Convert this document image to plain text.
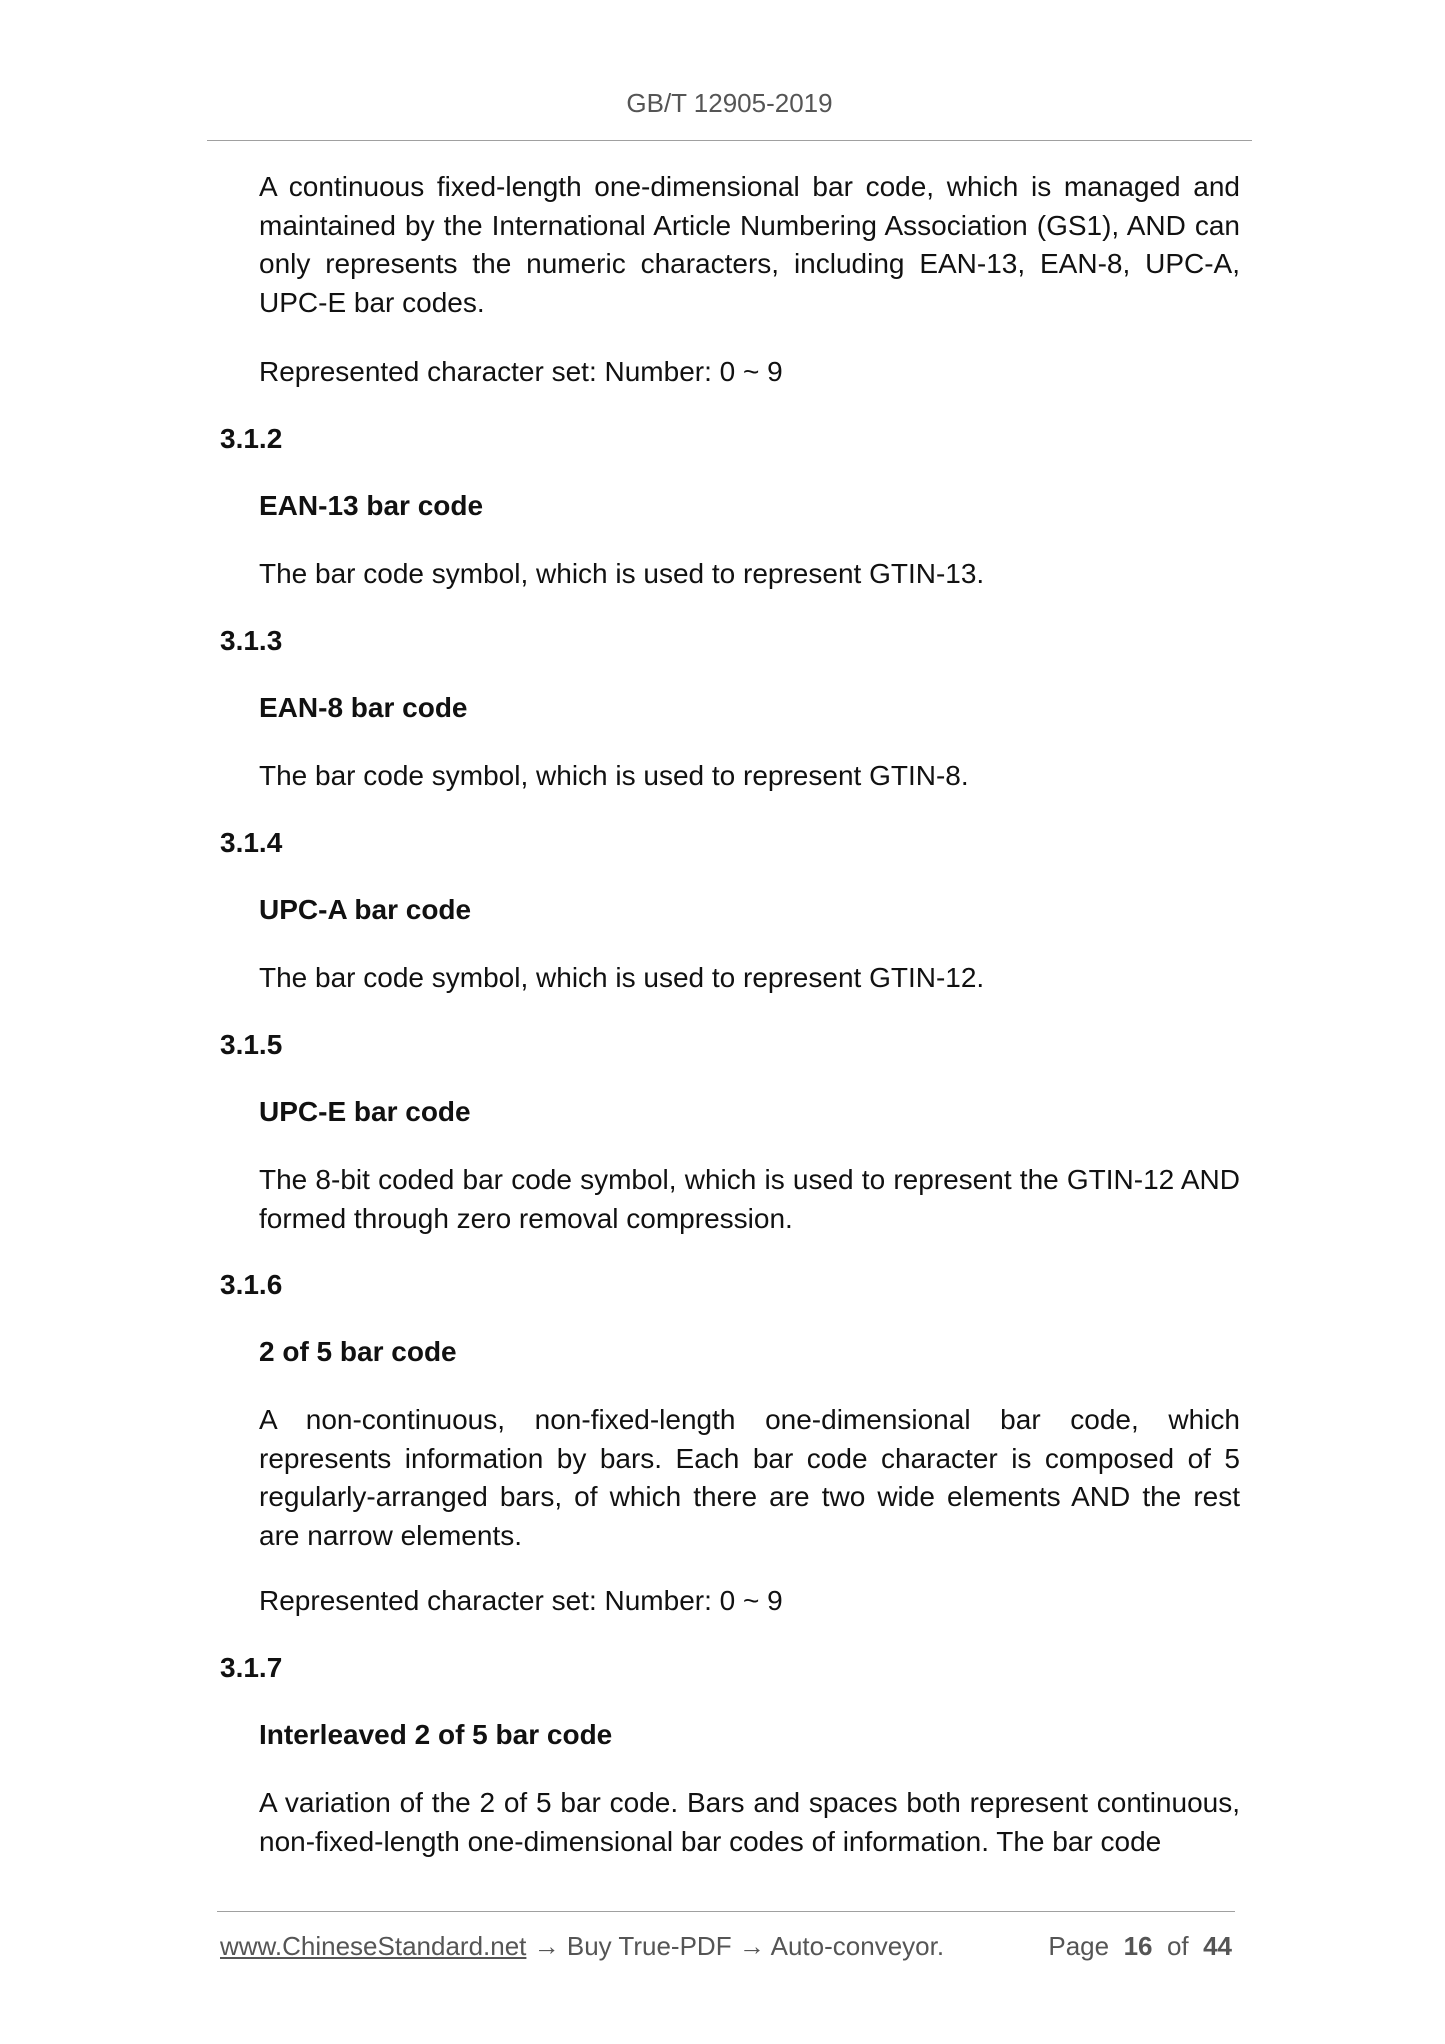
GB/T 12905-2019

A continuous fixed-length one-dimensional bar code, which is managed and maintained by the International Article Numbering Association (GS1), AND can only represents the numeric characters, including EAN-13, EAN-8, UPC-A, UPC-E bar codes.

Represented character set: Number: 0 ~ 9

3.1.2
EAN-13 bar code

The bar code symbol, which is used to represent GTIN-13.

3.1.3
EAN-8 bar code

The bar code symbol, which is used to represent GTIN-8.

3.1.4
UPC-A bar code

The bar code symbol, which is used to represent GTIN-12.

3.1.5
UPC-E bar code

The 8-bit coded bar code symbol, which is used to represent the GTIN-12 AND formed through zero removal compression.

3.1.6
2 of 5 bar code

A non-continuous, non-fixed-length one-dimensional bar code, which represents information by bars. Each bar code character is composed of 5 regularly-arranged bars, of which there are two wide elements AND the rest are narrow elements.

Represented character set: Number: 0 ~ 9

3.1.7
Interleaved 2 of 5 bar code

A variation of the 2 of 5 bar code. Bars and spaces both represent continuous, non-fixed-length one-dimensional bar codes of information. The bar code

www.ChineseStandard.net → Buy True-PDF → Auto-conveyor.	Page 16 of 44
